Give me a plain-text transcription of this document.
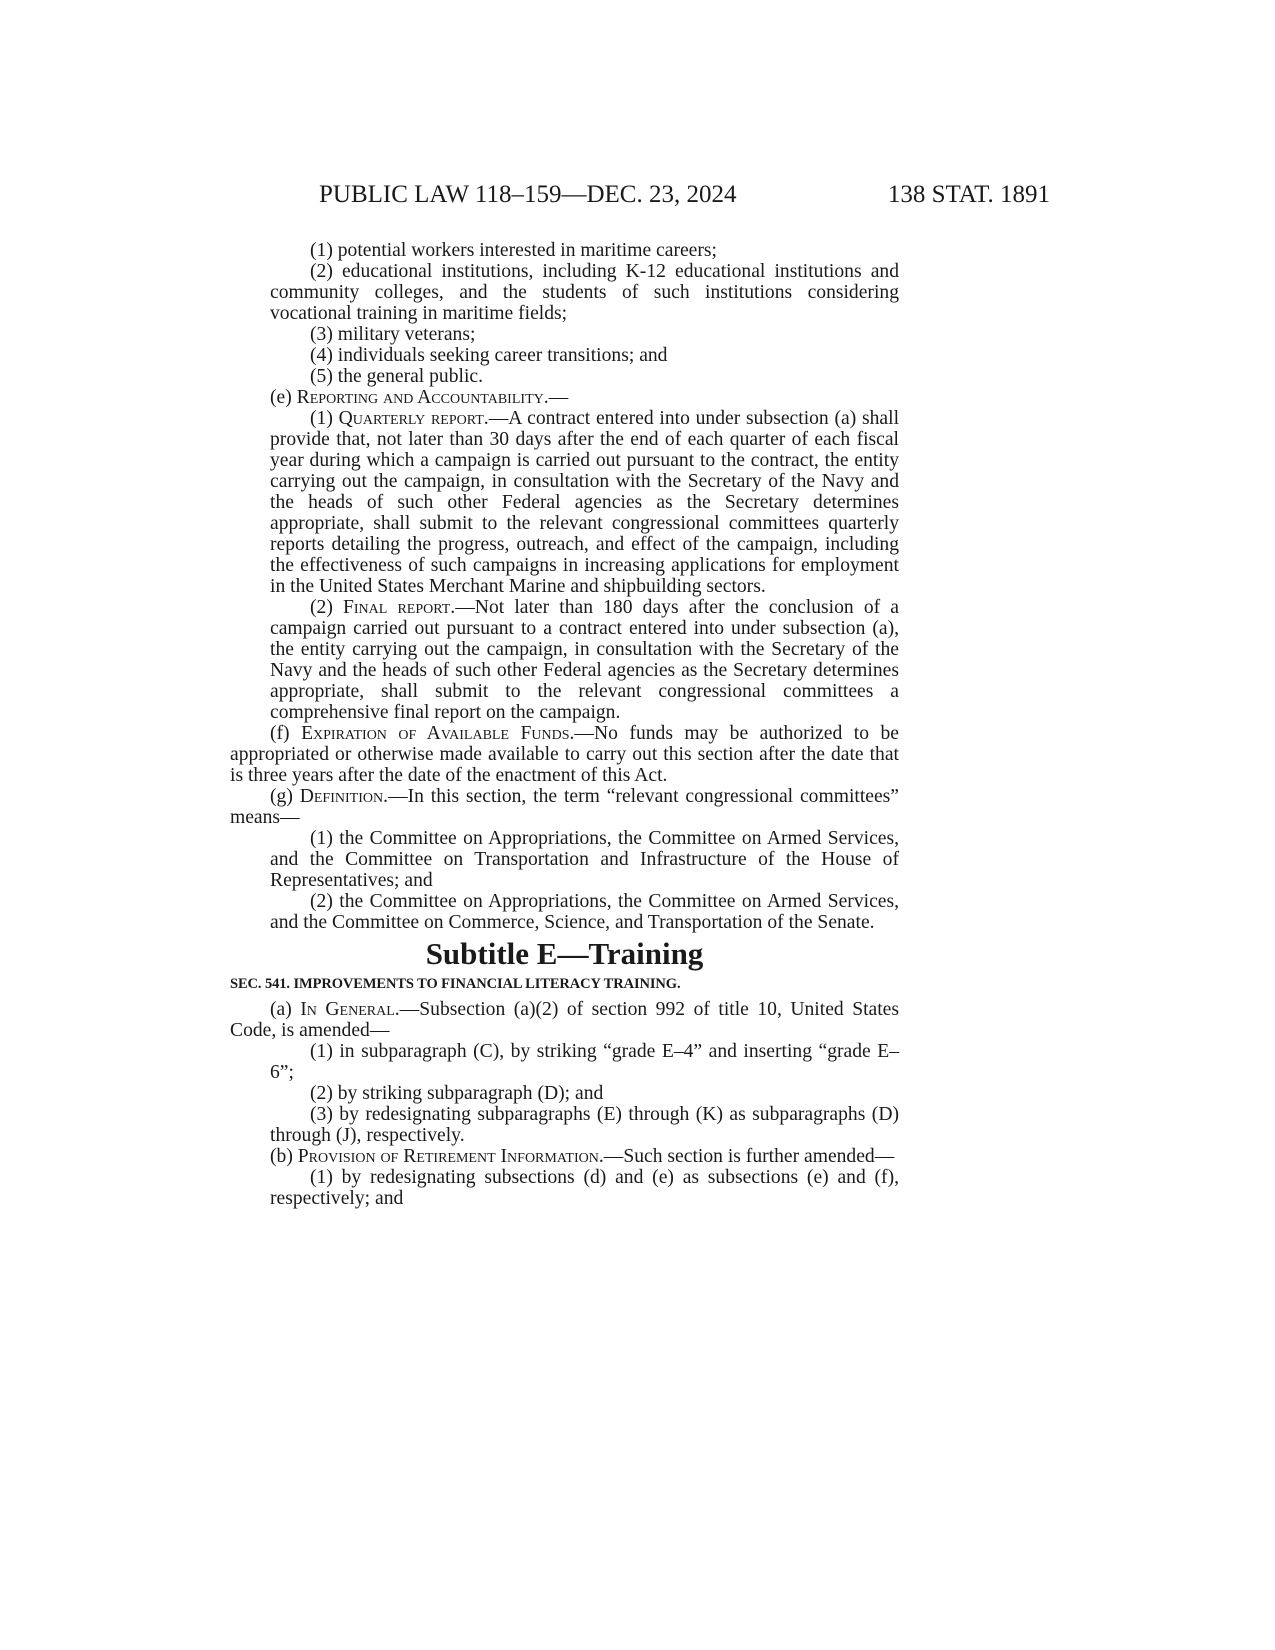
PUBLIC LAW 118–159—DEC. 23, 2024	138 STAT. 1891

(1) potential workers interested in maritime careers;

(2) educational institutions, including K-12 educational institutions and community colleges, and the students of such institutions considering vocational training in maritime fields;

(3) military veterans;

(4) individuals seeking career transitions; and

(5) the general public.

(e) Reporting and Accountability.—

(1) Quarterly report.—A contract entered into under subsection (a) shall provide that, not later than 30 days after the end of each quarter of each fiscal year during which a campaign is carried out pursuant to the contract, the entity carrying out the campaign, in consultation with the Secretary of the Navy and the heads of such other Federal agencies as the Secretary determines appropriate, shall submit to the relevant congressional committees quarterly reports detailing the progress, outreach, and effect of the campaign, including the effectiveness of such campaigns in increasing applications for employment in the United States Merchant Marine and shipbuilding sectors.

(2) Final report.—Not later than 180 days after the conclusion of a campaign carried out pursuant to a contract entered into under subsection (a), the entity carrying out the campaign, in consultation with the Secretary of the Navy and the heads of such other Federal agencies as the Secretary determines appropriate, shall submit to the relevant congressional committees a comprehensive final report on the campaign.

(f) Expiration of Available Funds.—No funds may be authorized to be appropriated or otherwise made available to carry out this section after the date that is three years after the date of the enactment of this Act.

(g) Definition.—In this section, the term “relevant congressional committees” means—

(1) the Committee on Appropriations, the Committee on Armed Services, and the Committee on Transportation and Infrastructure of the House of Representatives; and

(2) the Committee on Appropriations, the Committee on Armed Services, and the Committee on Commerce, Science, and Transportation of the Senate.

Subtitle E—Training

SEC. 541. IMPROVEMENTS TO FINANCIAL LITERACY TRAINING.

(a) In General.—Subsection (a)(2) of section 992 of title 10, United States Code, is amended—

(1) in subparagraph (C), by striking “grade E–4” and inserting “grade E–6”;

(2) by striking subparagraph (D); and

(3) by redesignating subparagraphs (E) through (K) as subparagraphs (D) through (J), respectively.

(b) Provision of Retirement Information.—Such section is further amended—

(1) by redesignating subsections (d) and (e) as subsections (e) and (f), respectively; and
